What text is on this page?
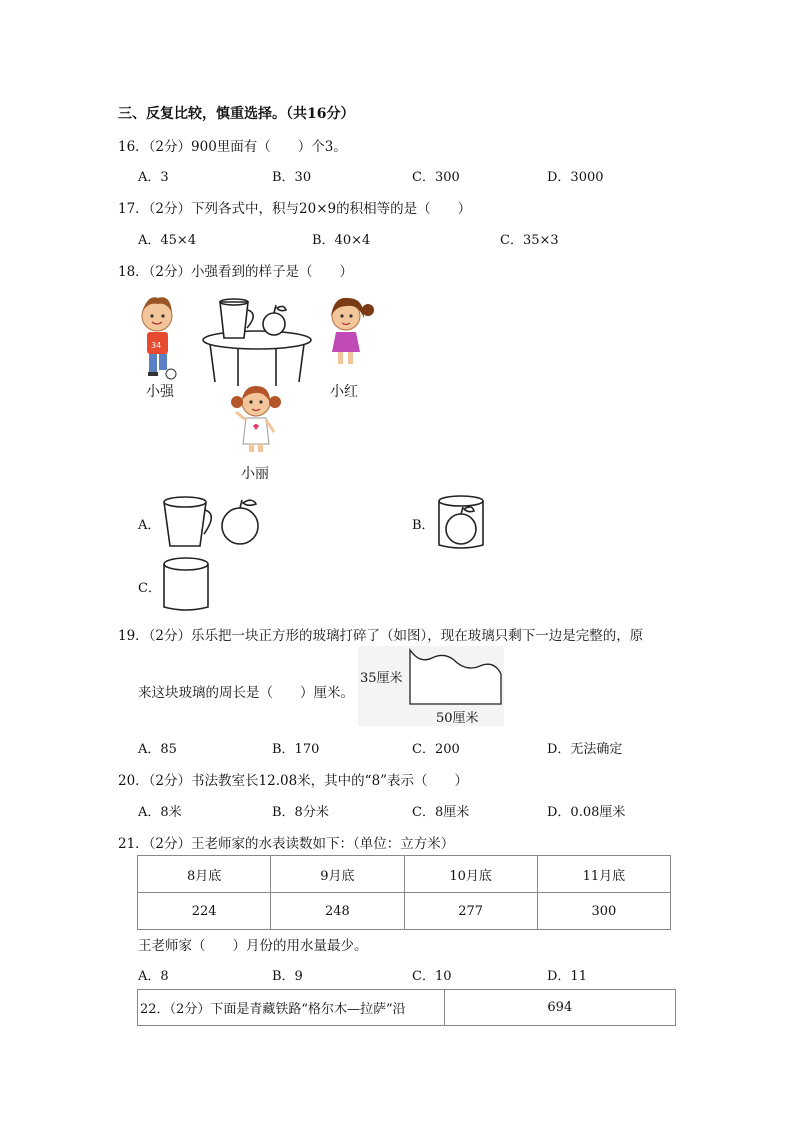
三、反复比较，慎重选择。（共16分）
16．（2分）900里面有（　　）个3。
A．3	B．30	C．300	D．3000
17．（2分）下列各式中，积与20×9的积相等的是（　　）
A．45×4	B．40×4	C．35×3
18．（2分）小强看到的样子是（　　）
34
小强	小红
小丽
A．	B．
C．
19．（2分）乐乐把一块正方形的玻璃打碎了（如图），现在玻璃只剩下一边是完整的，原
来这块玻璃的周长是（　　）厘米。
35厘米
50厘米
A．85	B．170	C．200	D．无法确定
20．（2分）书法教室长12.08米，其中的“8”表示（　　）
A．8米	B．8分米	C．8厘米	D．0.08厘米
21．（2分）王老师家的水表读数如下：（单位：立方米）
8月底	9月底	10月底	11月底
224	248	277	300
王老师家（　　）月份的用水量最少。
A．8	B．9	C．10	D．11
22．（2分）下面是青藏铁路“格尔木—拉萨”沿	694
